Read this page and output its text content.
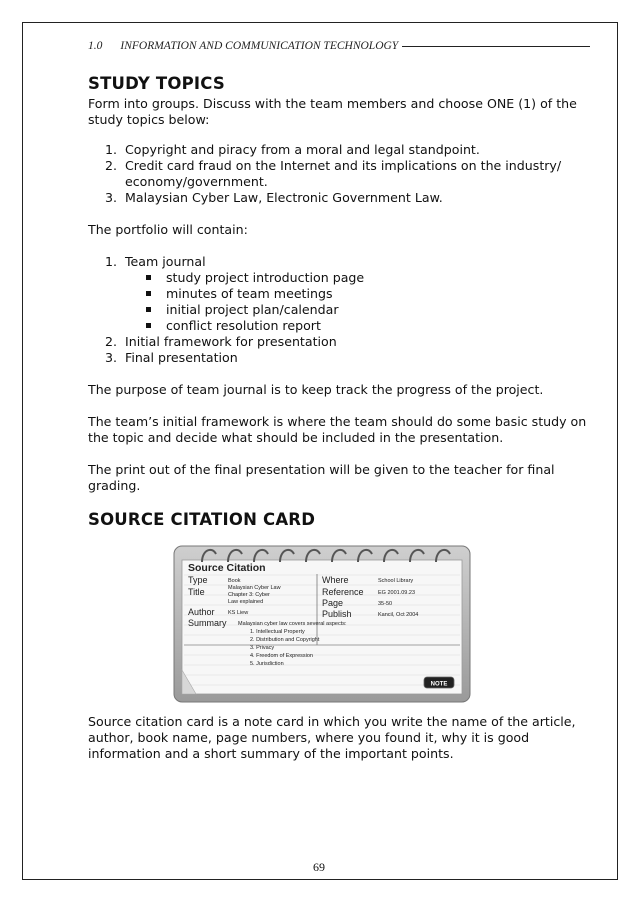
1.0 INFORMATION AND COMMUNICATION TECHNOLOGY
STUDY TOPICS

Form into groups. Discuss with the team members and choose ONE (1) of the study topics below:

1. Copyright and piracy from a moral and legal standpoint.
2. Credit card fraud on the Internet and its implications on the industry/ economy/government.
3. Malaysian Cyber Law, Electronic Government Law.

The portfolio will contain:

1. Team journal
study project introduction page
minutes of team meetings
initial project plan/calendar
conflict resolution report
2. Initial framework for presentation
3. Final presentation

The purpose of team journal is to keep track the progress of the project.

The team’s initial framework is where the team should do some basic study on the topic and decide what should be included in the presentation.

The print out of the final presentation will be given to the teacher for final grading.

SOURCE CITATION CARD
Source Citation
Type	Book
Title	Malaysian Cyber Law
Chapter 3: Cyber
Law explained
Author KS Liew
Summary Malaysian cyber law covers several aspects:
1. Intellectual Property
2. Distribution and Copyright
3. Privacy
4. Freedom of Expression
5. Jurisdiction
Where	School Library
Reference	EG 2001.09.23
Page	35-50
Publish	Kancil, Oct 2004
NOTE

Source citation card is a note card in which you write the name of the article, author, book name, page numbers, where you found it, why it is good information and a short summary of the important points.

69
